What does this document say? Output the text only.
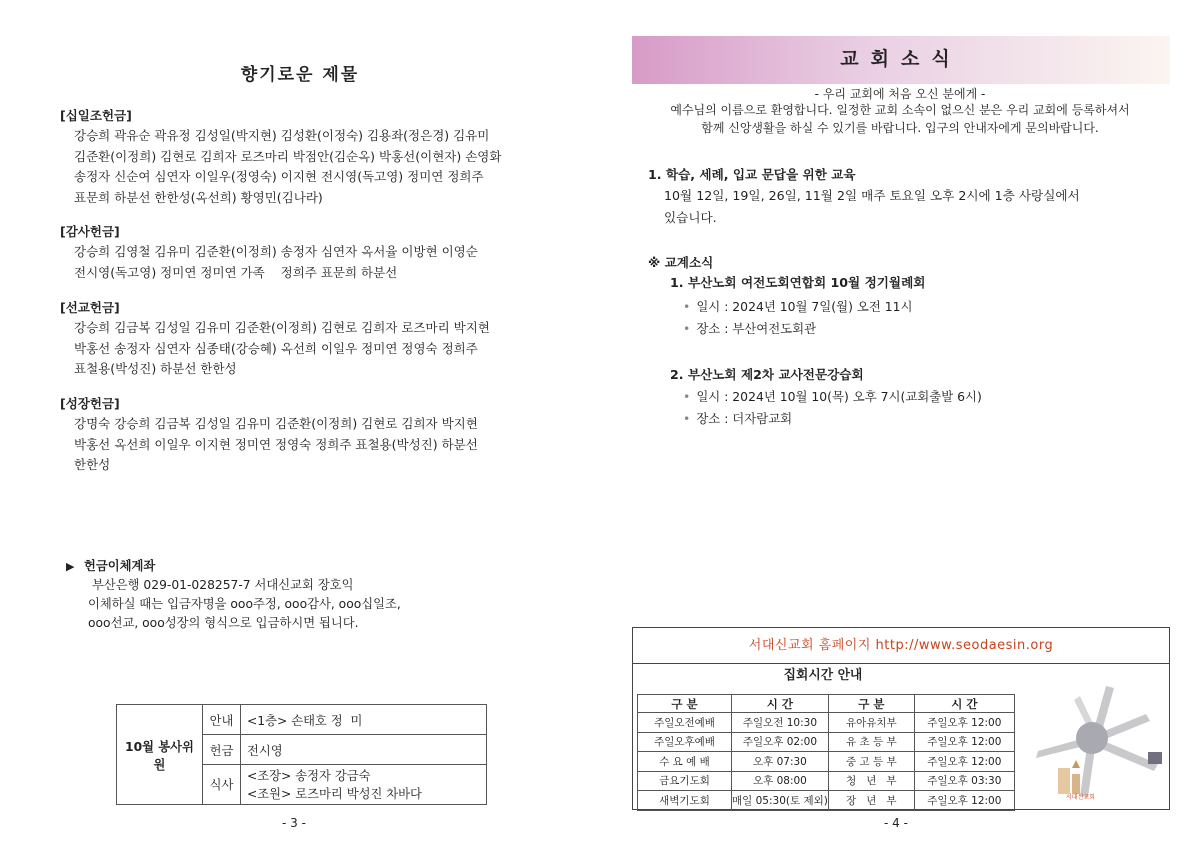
향기로운 제물
[십일조헌금]
강승희 곽유순 곽유정 김성일(박지현) 김성환(이정숙) 김용좌(정은경) 김유미
김준환(이정희) 김현로 김희자 로즈마리 박점안(김순옥) 박홍선(이현자) 손영화
송정자 신순여 심연자 이일우(정영숙) 이지현 전시영(독고영) 정미연 정희주
표문희 하분선 한한성(옥선희) 황영민(김나라)
[감사헌금]
강승희 김영철 김유미 김준환(이정희) 송정자 심연자 옥서율 이방현 이영순
전시영(독고영) 정미연 정미연 가족    정희주 표문희 하분선
[선교헌금]
강승희 김금복 김성일 김유미 김준환(이정희) 김현로 김희자 로즈마리 박지현
박홍선 송정자 심연자 심종태(강승혜) 옥선희 이일우 정미연 정영숙 정희주
표철용(박성진) 하분선 한한성
[성장헌금]
강명숙 강승희 김금복 김성일 김유미 김준환(이정희) 김현로 김희자 박지현
박홍선 옥선희 이일우 이지현 정미연 정영숙 정희주 표철용(박성진) 하분선
한한성
▶ 헌금이체계좌
부산은행 029-01-028257-7 서대신교회 장호익
이체하실 때는 입금자명을 ooo주정, ooo감사, ooo십일조,
ooo선교, ooo성장의 형식으로 입금하시면 됩니다.
10월 봉사위원	안내	<1층> 손태호 정  미
	헌금	전시영
	식사	<조장> 송정자 강금숙
<조원> 로즈마리 박성진 차바다
- 3 -
교회소식
- 우리 교회에 처음 오신 분에게 -
예수님의 이름으로 환영합니다. 일정한 교회 소속이 없으신 분은 우리 교회에 등록하셔서
함께 신앙생활을 하실 수 있기를 바랍니다. 입구의 안내자에게 문의바랍니다.
1. 학습, 세례, 입교 문답을 위한 교육
10월 12일, 19일, 26일, 11월 2일 매주 토요일 오후 2시에 1층 사랑실에서
있습니다.
※ 교계소식
1. 부산노회 여전도회연합회 10월 정기월례회
• 일시 : 2024년 10월 7일(월) 오전 11시
• 장소 : 부산여전도회관
2. 부산노회 제2차 교사전문강습회
• 일시 : 2024년 10월 10(목) 오후 7시(교회출발 6시)
• 장소 : 더자람교회
서대신교회 홈페이지 http://www.seodaesin.org
집회시간 안내
구 분	시 간	구 분	시 간
주일오전예배	주일오전 10:30	유아유치부	주일오후 12:00
주일오후예배	주일오후 02:00	유 초 등 부	주일오후 12:00
수 요 예 배	오후 07:30	중 고 등 부	주일오후 12:00
금요기도회	오후 08:00	청   년   부	주일오후 03:30
새벽기도회	매일 05:30(토 제외)	장   년   부	주일오후 12:00	서대신교회
- 4 -
